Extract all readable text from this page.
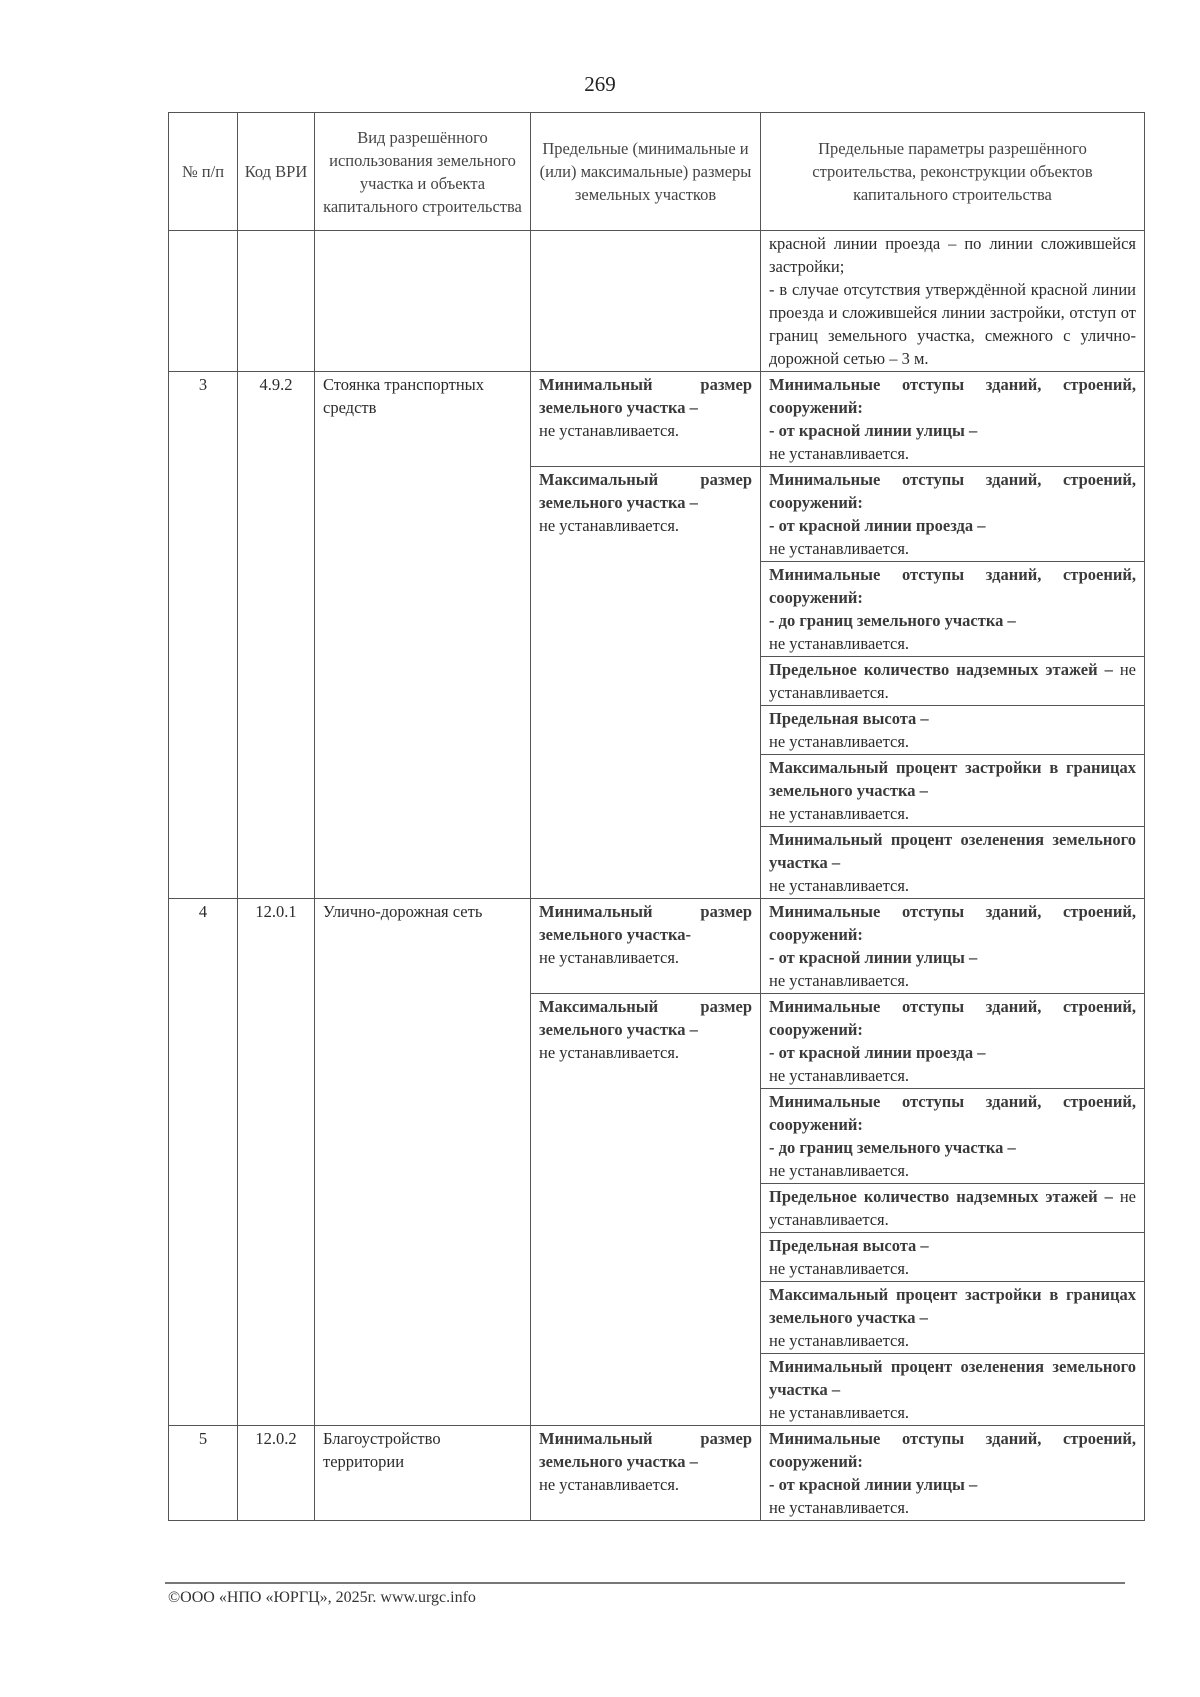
269
№ п/п	Код ВРИ	Вид разрешённого использования земельного участка и объекта капитального строительства	Предельные (минимальные и (или) максимальные) размеры земельных участков	Предельные параметры разрешённого строительства, реконструкции объектов капитального строительства
				красной линии проезда – по линии сложившейся застройки;
- в случае отсутствия утверждённой красной линии проезда и сложившейся линии застройки, отступ от границ земельного участка, смежного с улично-дорожной сетью – 3 м.
3	4.9.2	Стоянка транспортных средств	Минимальный размер земельного участка –
не устанавливается.	Минимальные отступы зданий, строений, сооружений:
- от красной линии улицы –
не устанавливается.
			Максимальный размер земельного участка –
не устанавливается.	Минимальные отступы зданий, строений, сооружений:
- от красной линии проезда –
не устанавливается.
				Минимальные отступы зданий, строений, сооружений:
- до границ земельного участка –
не устанавливается.
				Предельное количество надземных этажей – не устанавливается.
				Предельная высота –
не устанавливается.
				Максимальный процент застройки в границах земельного участка –
не устанавливается.
				Минимальный процент озеленения земельного участка –
не устанавливается.
4	12.0.1	Улично-дорожная сеть	Минимальный размер земельного участка-
не устанавливается.	Минимальные отступы зданий, строений, сооружений:
- от красной линии улицы –
не устанавливается.
			Максимальный размер земельного участка –
не устанавливается.	Минимальные отступы зданий, строений, сооружений:
- от красной линии проезда –
не устанавливается.
				Минимальные отступы зданий, строений, сооружений:
- до границ земельного участка –
не устанавливается.
				Предельное количество надземных этажей – не устанавливается.
				Предельная высота –
не устанавливается.
				Максимальный процент застройки в границах земельного участка –
не устанавливается.
				Минимальный процент озеленения земельного участка –
не устанавливается.
5	12.0.2	Благоустройство территории	Минимальный размер земельного участка –
не устанавливается.	Минимальные отступы зданий, строений, сооружений:
- от красной линии улицы –
не устанавливается.
©ООО «НПО «ЮРГЦ», 2025г. www.urgc.info
